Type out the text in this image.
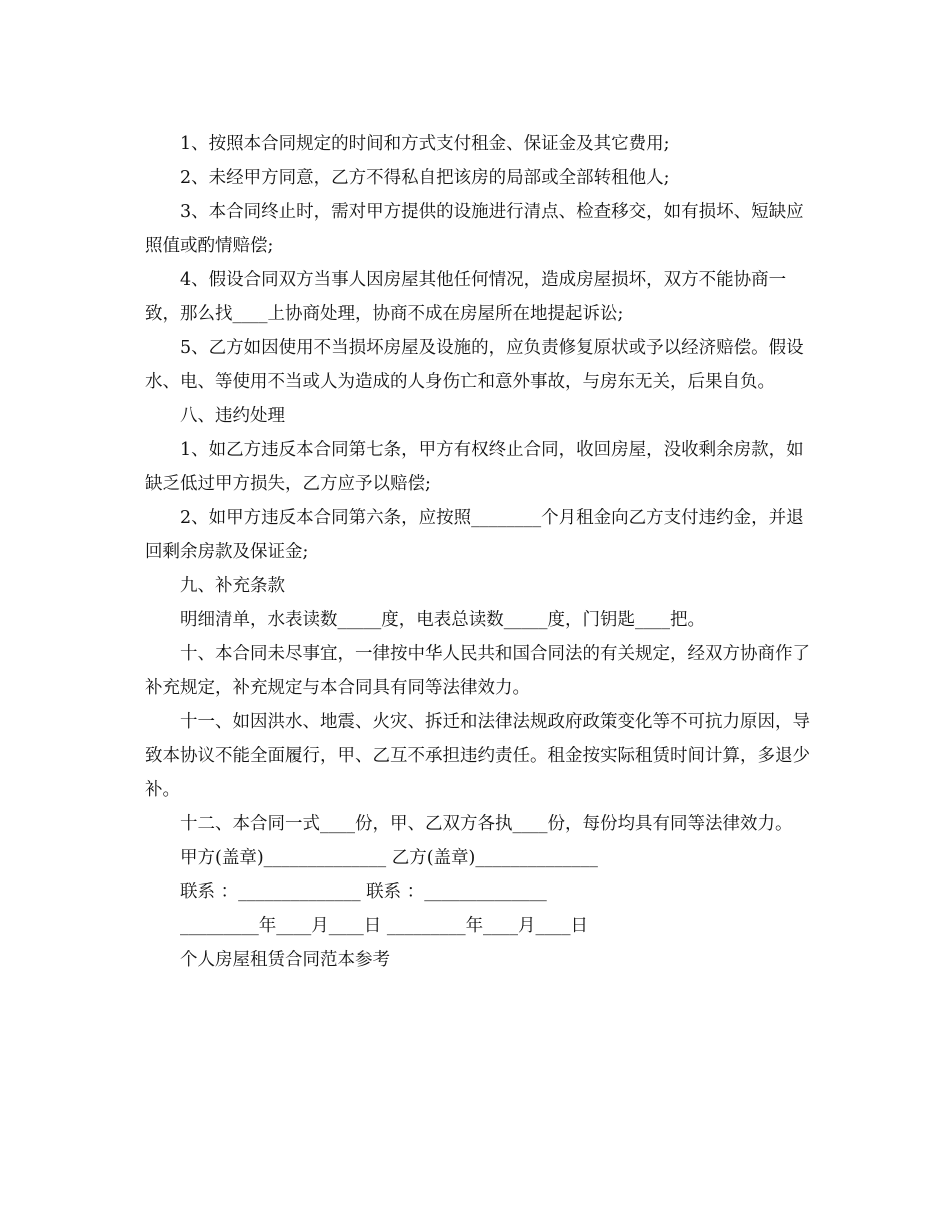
1、按照本合同规定的时间和方式支付租金、保证金及其它费用;

2、未经甲方同意，乙方不得私自把该房的局部或全部转租他人;

3、本合同终止时，需对甲方提供的设施进行清点、检查移交，如有损坏、短缺应照值或酌情赔偿;

4、假设合同双方当事人因房屋其他任何情况，造成房屋损坏，双方不能协商一致，那么找____上协商处理，协商不成在房屋所在地提起诉讼;

5、乙方如因使用不当损坏房屋及设施的，应负责修复原状或予以经济赔偿。假设水、电、等使用不当或人为造成的人身伤亡和意外事故，与房东无关，后果自负。

八、违约处理

1、如乙方违反本合同第七条，甲方有权终止合同，收回房屋，没收剩余房款，如缺乏低过甲方损失，乙方应予以赔偿;

2、如甲方违反本合同第六条，应按照________个月租金向乙方支付违约金，并退回剩余房款及保证金;

九、补充条款

明细清单，水表读数_____度，电表总读数_____度，门钥匙____把。

十、本合同未尽事宜，一律按中华人民共和国合同法的有关规定，经双方协商作了补充规定，补充规定与本合同具有同等法律效力。

十一、如因洪水、地震、火灾、拆迁和法律法规政府政策变化等不可抗力原因，导致本协议不能全面履行，甲、乙互不承担违约责任。租金按实际租赁时间计算，多退少补。

十二、本合同一式____份，甲、乙双方各执____份，每份均具有同等法律效力。

甲方(盖章)______________ 乙方(盖章)______________

联系 ：______________ 联系 ：______________

_________年____月____日 _________年____月____日

个人房屋租赁合同范本参考
